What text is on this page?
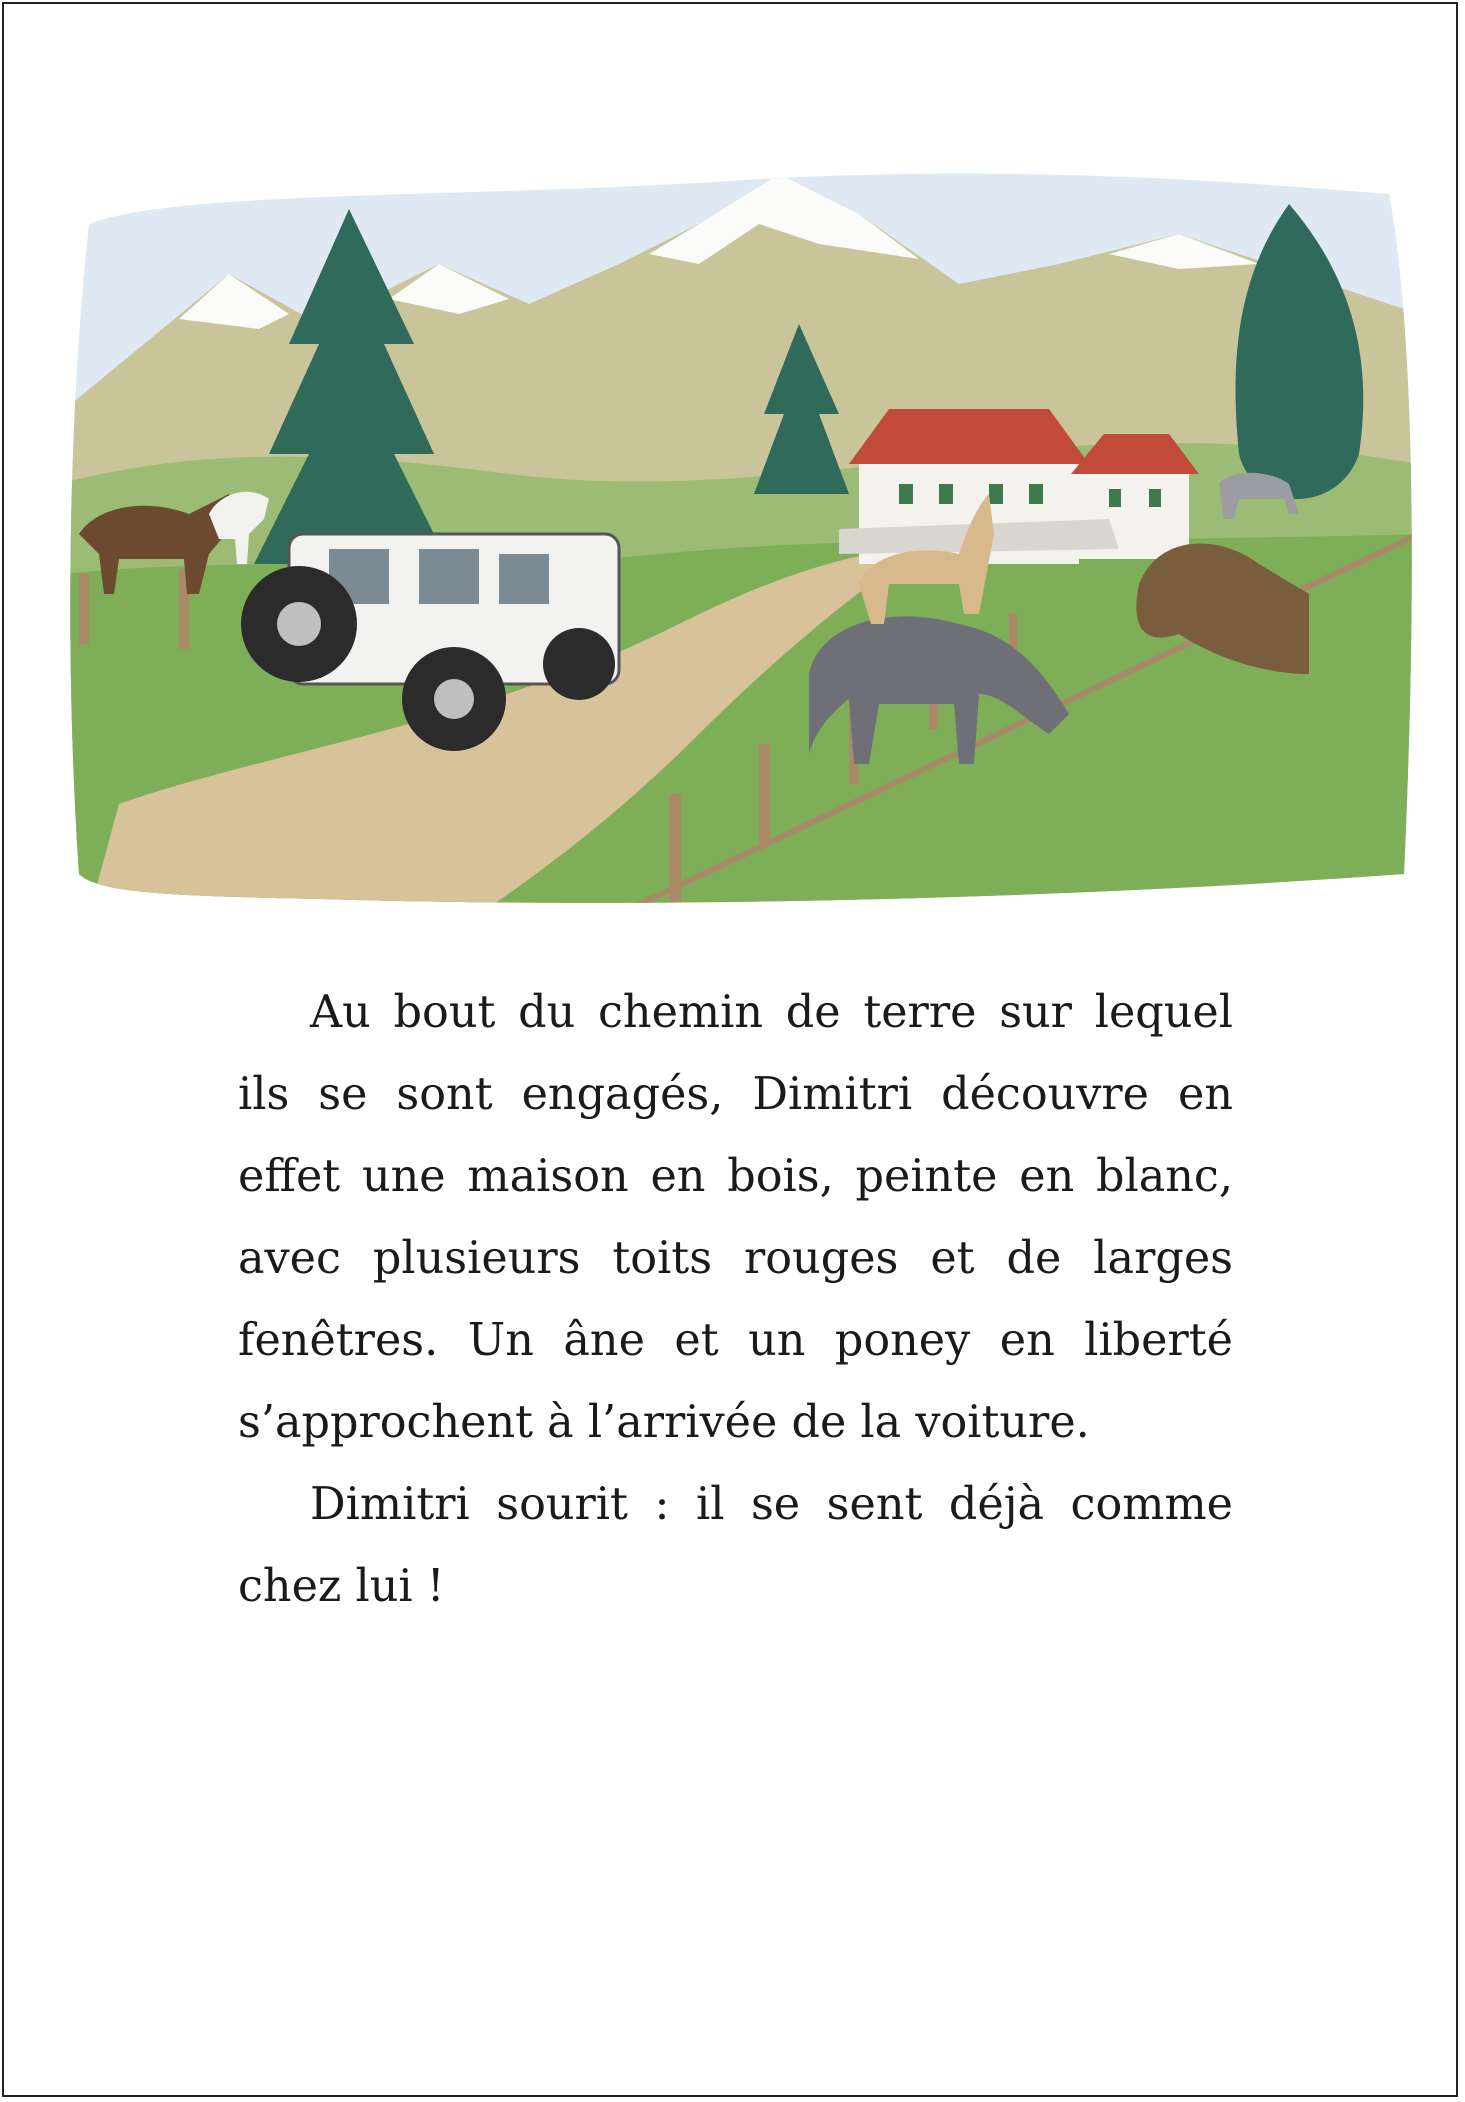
Au bout du chemin de terre sur lequel ils se sont engagés, Dimitri découvre en effet une maison en bois, peinte en blanc, avec plusieurs toits rouges et de larges fenêtres. Un âne et un poney en liberté s’approchent à l’arrivée de la voiture.

Dimitri sourit : il se sent déjà comme chez lui !
